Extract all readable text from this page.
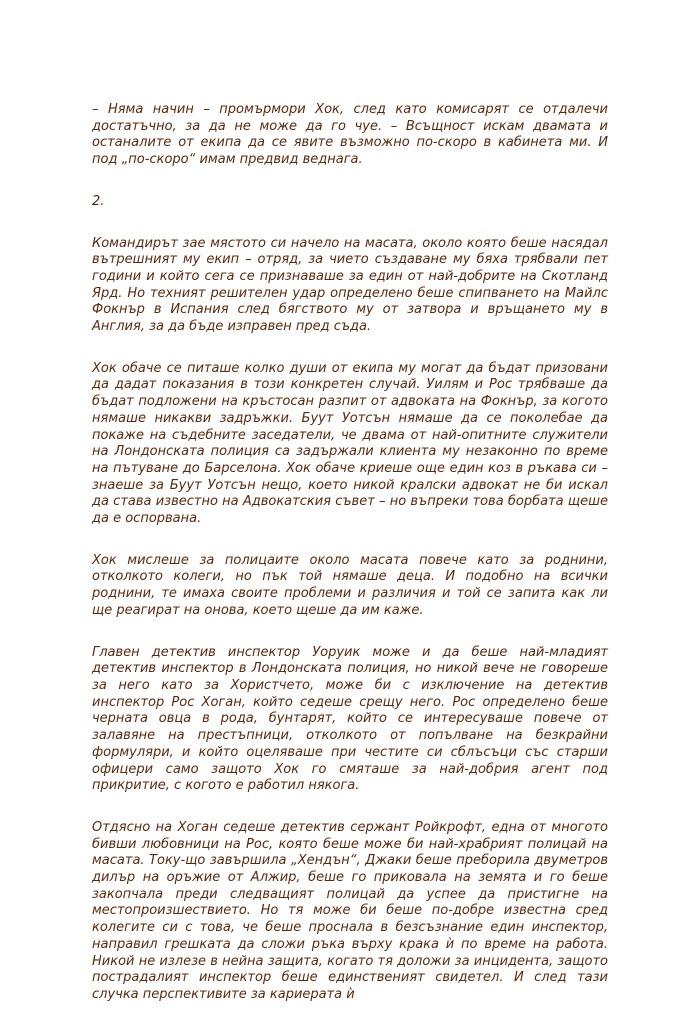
– Няма начин – промърмори Хок, след като комисарят се отдалечи достатъчно, за да не може да го чуе. – Всъщност искам двамата и останалите от екипа да се явите възможно по-скоро в кабинета ми. И под „по-скоро“ имам предвид веднага.

2.

Командирът зае мястото си начело на масата, около която беше насядал вътрешният му екип – отряд, за чието създаване му бяха трябвали пет години и който сега се признаваше за един от най-добрите на Скотланд Ярд. Но техният решителен удар определено беше спипването на Майлс Фокнър в Испания след бягството му от затвора и връщането му в Англия, за да бъде изправен пред съда.

Хок обаче се питаше колко души от екипа му могат да бъдат призовани да дадат показания в този конкретен случай. Уилям и Рос трябваше да бъдат подложени на кръстосан разпит от адвоката на Фокнър, за когото нямаше никакви задръжки. Буут Уотсън нямаше да се поколебае да покаже на съдебните заседатели, че двама от най-опитните служители на Лондонската полиция са задържали клиента му незаконно по време на пътуване до Барселона. Хок обаче криеше още един коз в ръкава си – знаеше за Буут Уотсън нещо, което никой кралски адвокат не би искал да става известно на Адвокатския съвет – но въпреки това борбата щеше да е оспорвана.

Хок мислеше за полицаите около масата повече като за роднини, отколкото колеги, но пък той нямаше деца. И подобно на всички роднини, те имаха своите проблеми и различия и той се запита как ли ще реагират на онова, което щеше да им каже.

Главен детектив инспектор Уоруик може и да беше най-младият детектив инспектор в Лондонската полиция, но никой вече не говореше за него като за Хористчето, може би с изключение на детектив инспектор Рос Хоган, който седеше срещу него. Рос определено беше черната овца в рода, бунтарят, който се интересуваше повече от залавяне на престъпници, отколкото от попълване на безкрайни формуляри, и който оцеляваше при честите си сблъсъци със старши офицери само защото Хок го смяташе за най-добрия агент под прикритие, с когото е работил някога.

Отдясно на Хоган седеше детектив сержант Ройкрофт, една от многото бивши любовници на Рос, която беше може би най-храбрият полицай на масата. Току-що завършила „Хендън“, Джаки беше преборила двуметров дилър на оръжие от Алжир, беше го приковала на земята и го беше закопчала преди следващият полицай да успее да пристигне на местопроизшествието. Но тя може би беше по-добре известна сред колегите си с това, че беше проснала в безсъзнание един инспектор, направил грешката да сложи ръка върху крака ѝ по време на работа. Никой не излезе в нейна защита, когато тя доложи за инцидента, защото пострадалият инспектор беше единственият свидетел. И след тази случка перспективите за кариерата ѝ
